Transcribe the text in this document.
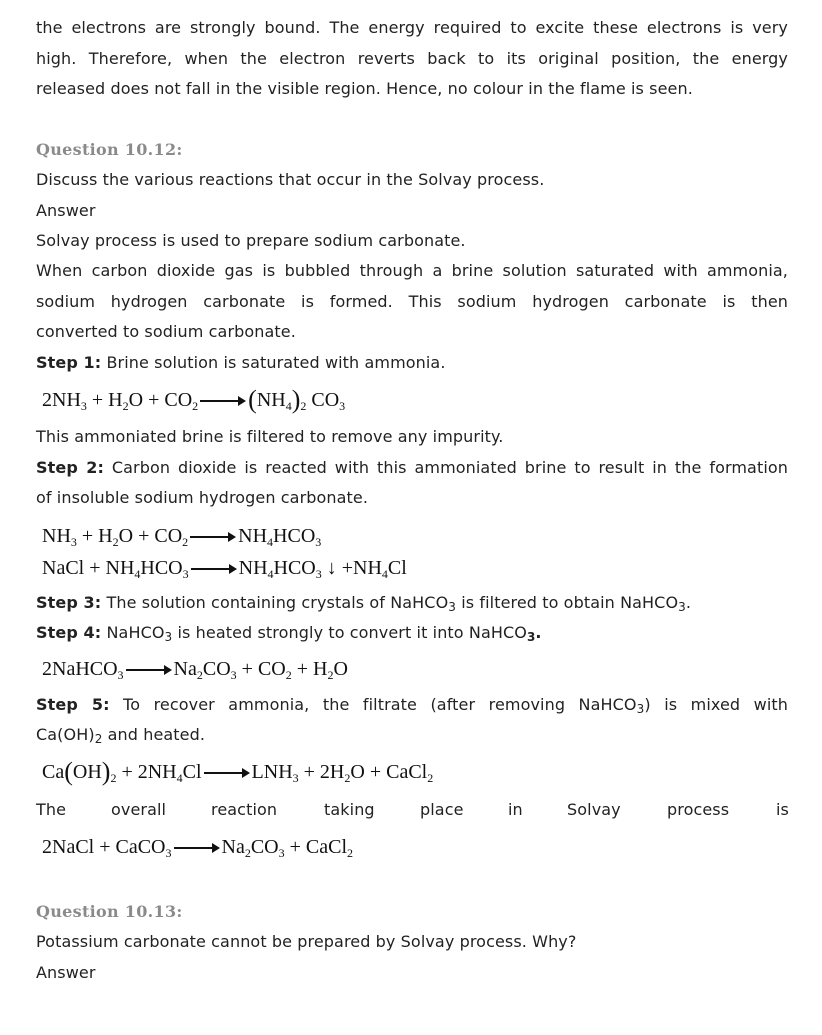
the electrons are strongly bound. The energy required to excite these electrons is very
high. Therefore, when the electron reverts back to its original position, the energy
released does not fall in the visible region. Hence, no colour in the flame is seen.
Question 10.12:
Discuss the various reactions that occur in the Solvay process.
Answer
Solvay process is used to prepare sodium carbonate.
When carbon dioxide gas is bubbled through a brine solution saturated with ammonia,
sodium hydrogen carbonate is formed. This sodium hydrogen carbonate is then
converted to sodium carbonate.
Step 1: Brine solution is saturated with ammonia.
$2NH_3 + H_2O + CO_2$ $(NH_4)_2$ $CO_3$
This ammoniated brine is filtered to remove any impurity.
Step 2: Carbon dioxide is reacted with this ammoniated brine to result in the formation
of insoluble sodium hydrogen carbonate.
$NH_3 + H_2O + CO_2$	$NH_4HCO_3$
NaCl + $NH_4HCO_3$	$NH_4HCO_3$ ↓ $+NH_4Cl$
Step 3: The solution containing crystals of NaHCO3 is filtered to obtain NaHCO3.
Step 4: NaHCO3 is heated strongly to convert it into NaHCO3.
2NaHCO$_3$	$Na_2CO_3 + CO_2 + H_2O$
Step 5: To recover ammonia, the filtrate (after removing NaHCO3) is mixed with
Ca(OH)2 and heated.
$Ca(OH)_2 + 2NH_4Cl$	$LNH_3 + 2H_2O$ + CaCl$_2$
The	overall	reaction	taking	place	in	Solvay	process	is
2NaCl + CaCO$_3$	$Na_2CO_3$ + CaCl$_2$
Question 10.13:
Potassium carbonate cannot be prepared by Solvay process. Why?
Answer
